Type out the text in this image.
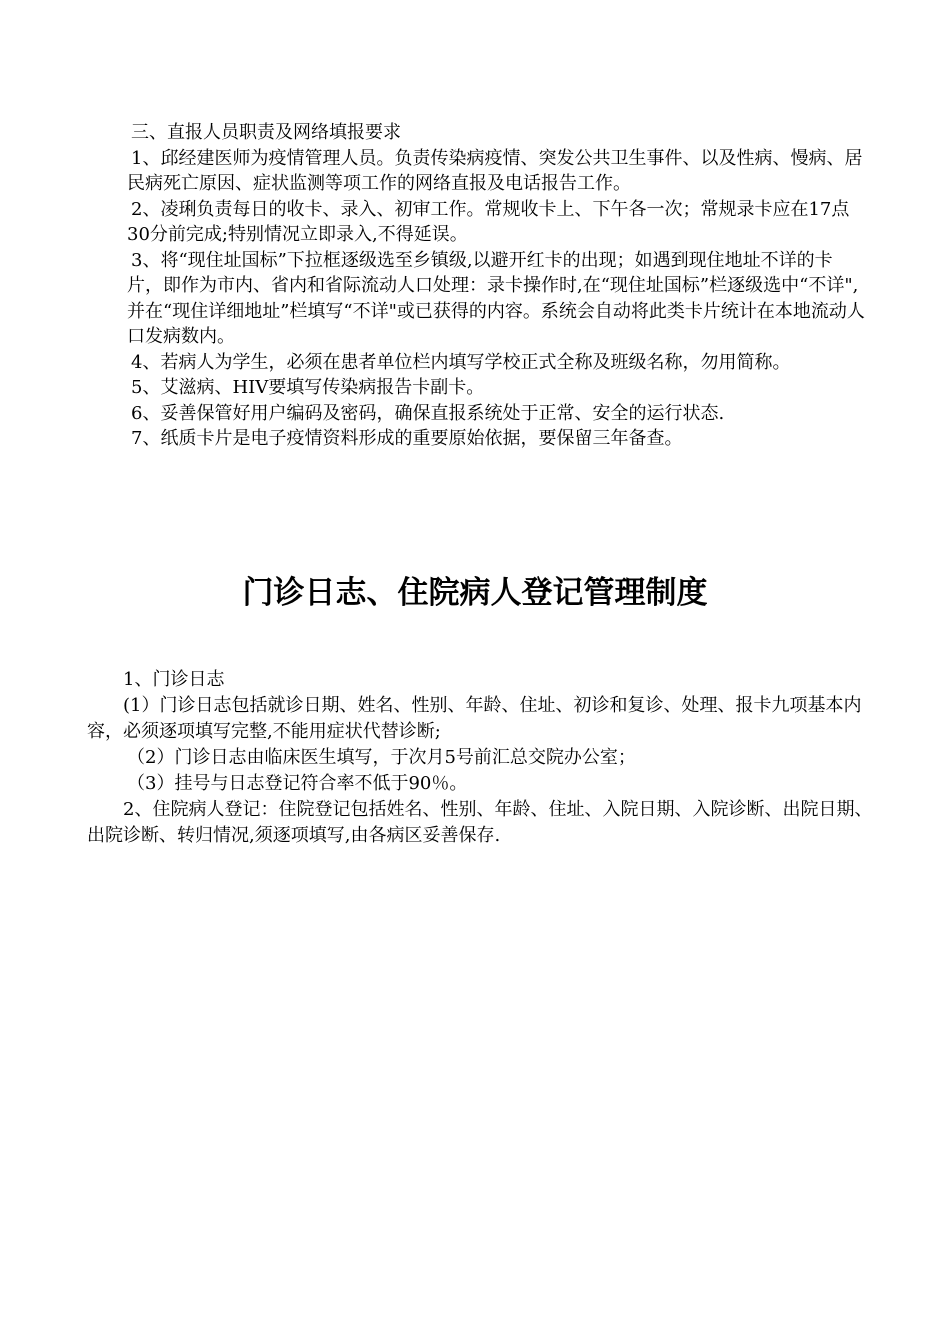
三、直报人员职责及网络填报要求

1、邱经建医师为疫情管理人员。负责传染病疫情、突发公共卫生事件、以及性病、慢病、居民病死亡原因、症状监测等项工作的网络直报及电话报告工作。

2、凌琍负责每日的收卡、录入、初审工作。常规收卡上、下午各一次；常规录卡应在17点30分前完成;特别情况立即录入,不得延误。

3、将“现住址国标”下拉框逐级选至乡镇级,以避开红卡的出现；如遇到现住地址不详的卡片，即作为市内、省内和省际流动人口处理：录卡操作时,在“现住址国标”栏逐级选中“不详",并在“现住详细地址”栏填写“不详"或已获得的内容。系统会自动将此类卡片统计在本地流动人口发病数内。

4、若病人为学生，必须在患者单位栏内填写学校正式全称及班级名称，勿用简称。

5、艾滋病、HIV要填写传染病报告卡副卡。

6、妥善保管好用户编码及密码，确保直报系统处于正常、安全的运行状态.

7、纸质卡片是电子疫情资料形成的重要原始依据，要保留三年备查。

门诊日志、住院病人登记管理制度

1、门诊日志

(1）门诊日志包括就诊日期、姓名、性别、年龄、住址、初诊和复诊、处理、报卡九项基本内容，必须逐项填写完整,不能用症状代替诊断;

（2）门诊日志由临床医生填写，于次月5号前汇总交院办公室；

（3）挂号与日志登记符合率不低于90％。

2、住院病人登记：住院登记包括姓名、性别、年龄、住址、入院日期、入院诊断、出院日期、出院诊断、转归情况,须逐项填写,由各病区妥善保存.
